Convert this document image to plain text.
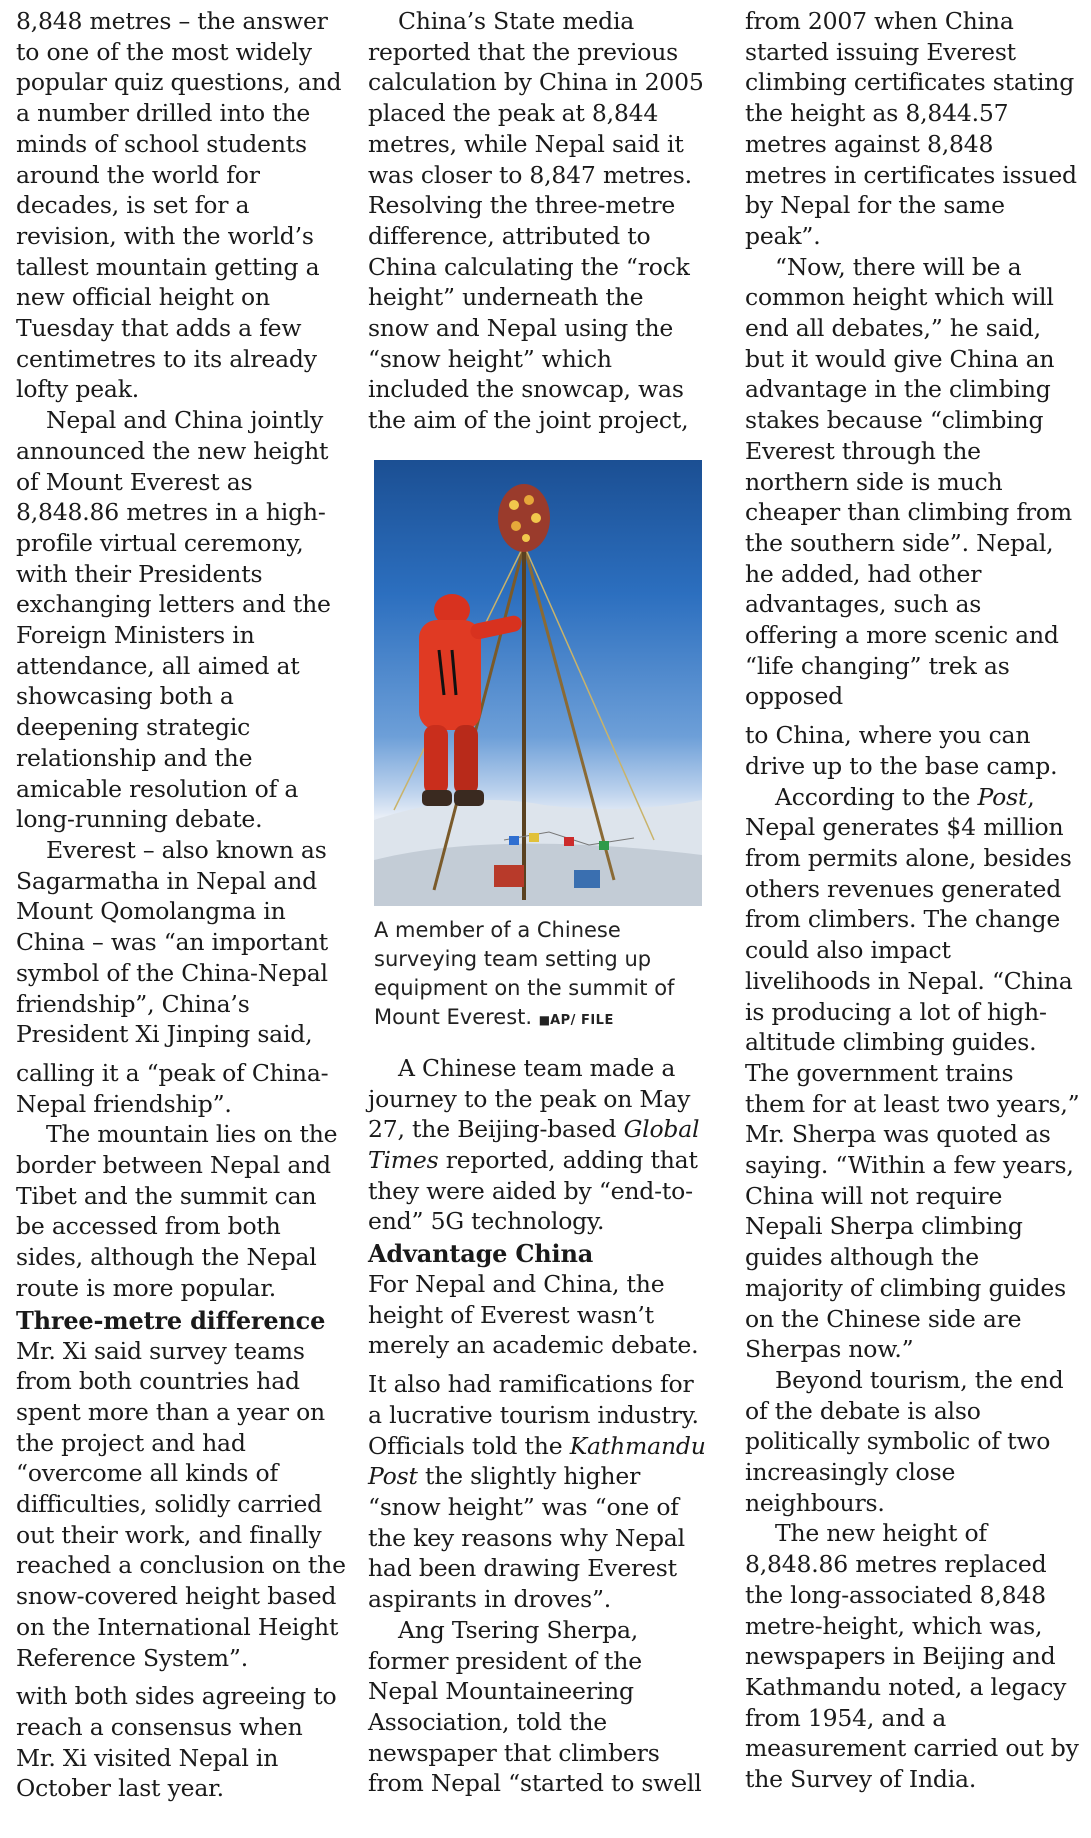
8,848 metres – the answer to one of the most widely popular quiz questions, and a number drilled into the minds of school students around the world for decades, is set for a revision, with the world’s tallest mountain getting a new official height on Tuesday that adds a few centimetres to its already lofty peak.

Nepal and China jointly announced the new height of Mount Everest as 8,848.86 metres in a high-profile virtual ceremony, with their Presidents exchanging letters and the Foreign Ministers in attendance, all aimed at showcasing both a deepening strategic relationship and the amicable resolution of a long-running debate.

Everest – also known as Sagarmatha in Nepal and Mount Qomolangma in China – was “an important symbol of the China-Nepal friendship”, China’s President Xi Jinping said,

calling it a “peak of China-Nepal friendship”.

The mountain lies on the border between Nepal and Tibet and the summit can be accessed from both sides, although the Nepal route is more popular.

Three-metre difference

Mr. Xi said survey teams from both countries had spent more than a year on the project and had “overcome all kinds of difficulties, solidly carried out their work, and finally reached a conclusion on the snow-covered height based on the International Height Reference System”.

with both sides agreeing to reach a consensus when Mr. Xi visited Nepal in October last year.

China’s State media reported that the previous calculation by China in 2005 placed the peak at 8,844 metres, while Nepal said it was closer to 8,847 metres. Resolving the three-metre difference, attributed to China calculating the “rock height” underneath the snow and Nepal using the “snow height” which included the snowcap, was the aim of the joint project,

A member of a Chinese surveying team setting up equipment on the summit of Mount Everest. ■AP/ FILE

A Chinese team made a journey to the peak on May 27, the Beijing-based Global Times reported, adding that they were aided by “end-to-end” 5G technology.

Advantage China

For Nepal and China, the height of Everest wasn’t merely an academic debate.

It also had ramifications for a lucrative tourism industry. Officials told the Kathmandu Post the slightly higher “snow height” was “one of the key reasons why Nepal had been drawing Everest aspirants in droves”.

Ang Tsering Sherpa, former president of the Nepal Mountaineering Association, told the newspaper that climbers from Nepal “started to swell

from 2007 when China started issuing Everest climbing certificates stating the height as 8,844.57 metres against 8,848 metres in certificates issued by Nepal for the same peak”.

“Now, there will be a common height which will end all debates,” he said, but it would give China an advantage in the climbing stakes because “climbing Everest through the northern side is much cheaper than climbing from the southern side”. Nepal, he added, had other advantages, such as offering a more scenic and “life changing” trek as opposed

to China, where you can drive up to the base camp.

According to the Post, Nepal generates $4 million from permits alone, besides others revenues generated from climbers. The change could also impact livelihoods in Nepal. “China is producing a lot of high-altitude climbing guides. The government trains them for at least two years,” Mr. Sherpa was quoted as saying. “Within a few years, China will not require Nepali Sherpa climbing guides although the majority of climbing guides on the Chinese side are Sherpas now.”

Beyond tourism, the end of the debate is also politically symbolic of two increasingly close neighbours.

The new height of 8,848.86 metres replaced the long-associated 8,848 metre-height, which was, newspapers in Beijing and Kathmandu noted, a legacy from 1954, and a measurement carried out by the Survey of India.
